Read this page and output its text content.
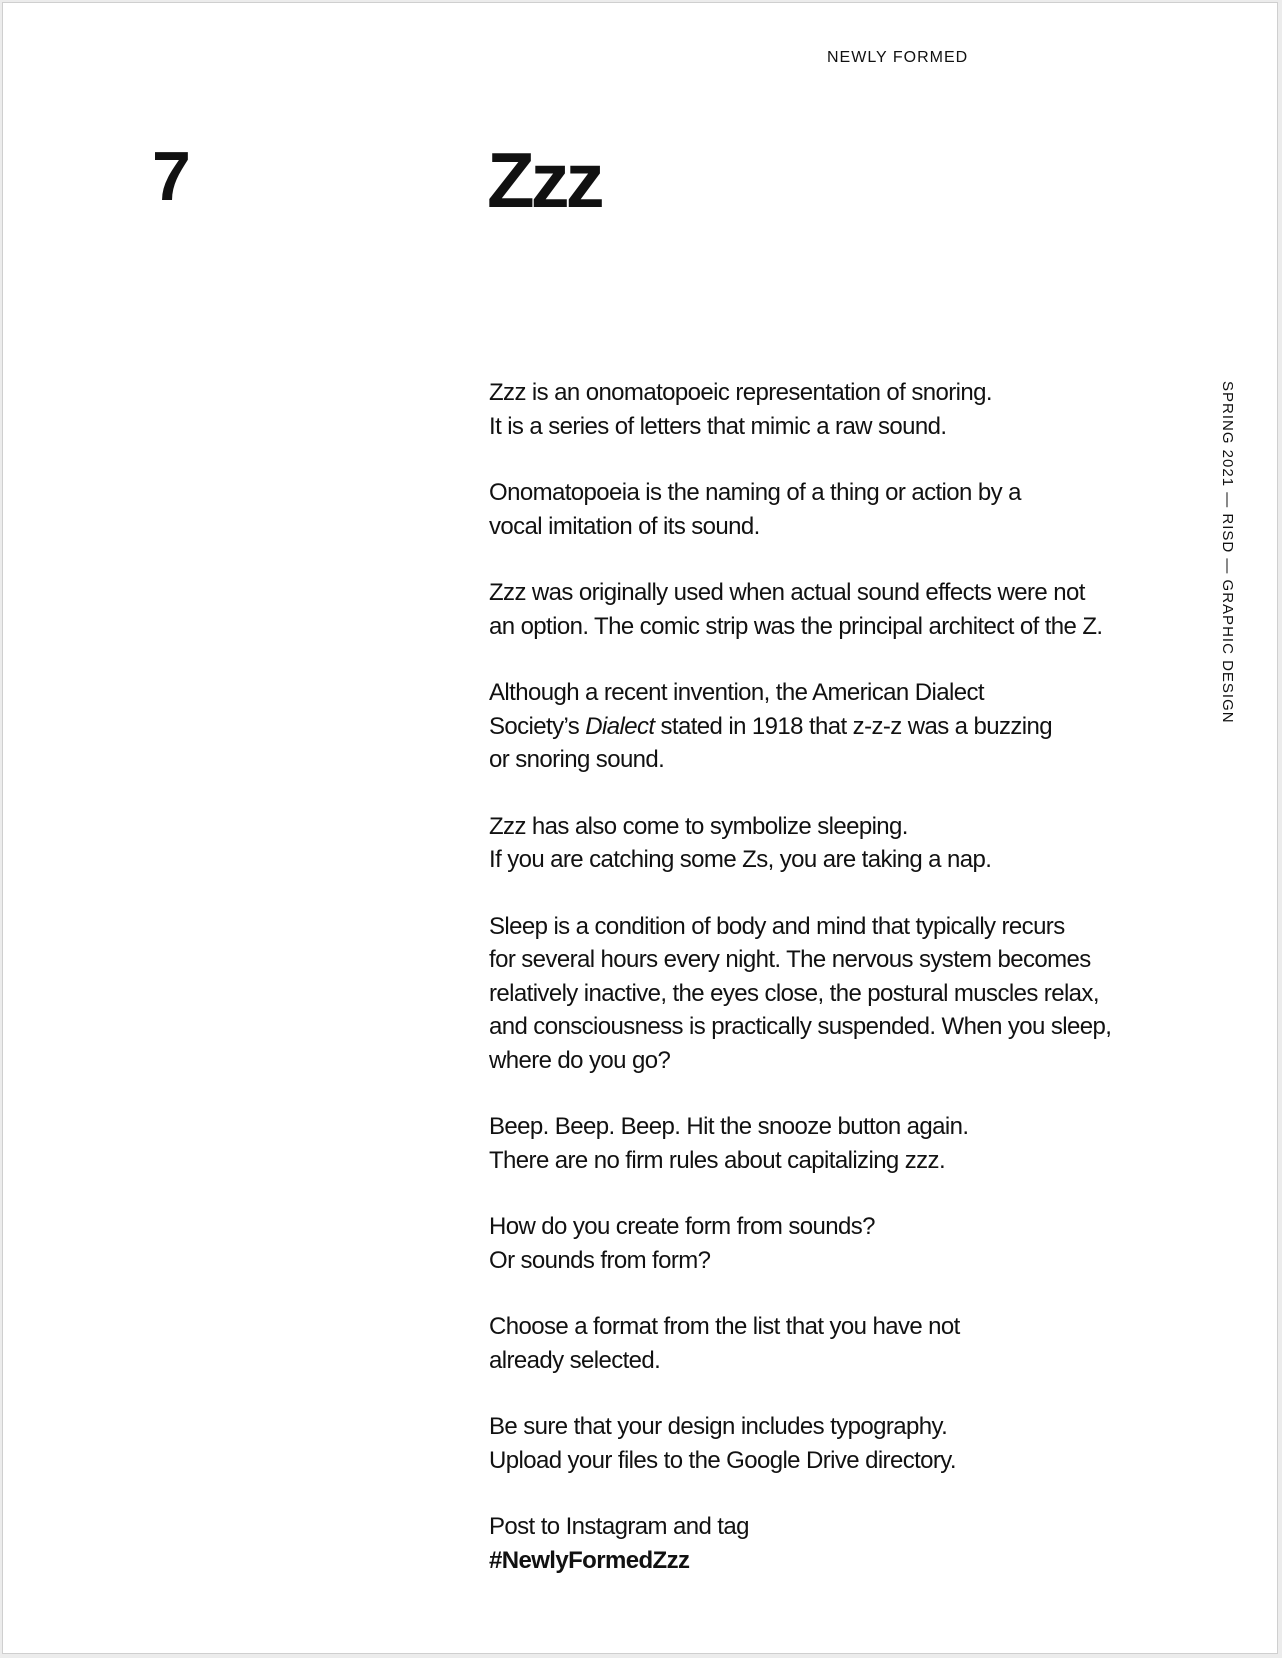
NEWLY FORMED
7	Zzz
SPRING 2021 — RISD — GRAPHIC DESIGN

Zzz is an onomatopoeic representation of snoring.
It is a series of letters that mimic a raw sound.

Onomatopoeia is the naming of a thing or action by a
vocal imitation of its sound.

Zzz was originally used when actual sound effects were not
an option. The comic strip was the principal architect of the Z.

Although a recent invention, the American Dialect
Society’s Dialect stated in 1918 that z-z-z was a buzzing
or snoring sound.

Zzz has also come to symbolize sleeping.
If you are catching some Zs, you are taking a nap.

Sleep is a condition of body and mind that typically recurs
for several hours every night. The nervous system becomes
relatively inactive, the eyes close, the postural muscles relax,
and consciousness is practically suspended. When you sleep,
where do you go?

Beep. Beep. Beep. Hit the snooze button again.
There are no firm rules about capitalizing zzz.

How do you create form from sounds?
Or sounds from form?

Choose a format from the list that you have not
already selected.

Be sure that your design includes typography.
Upload your files to the Google Drive directory.

Post to Instagram and tag
#NewlyFormedZzz
